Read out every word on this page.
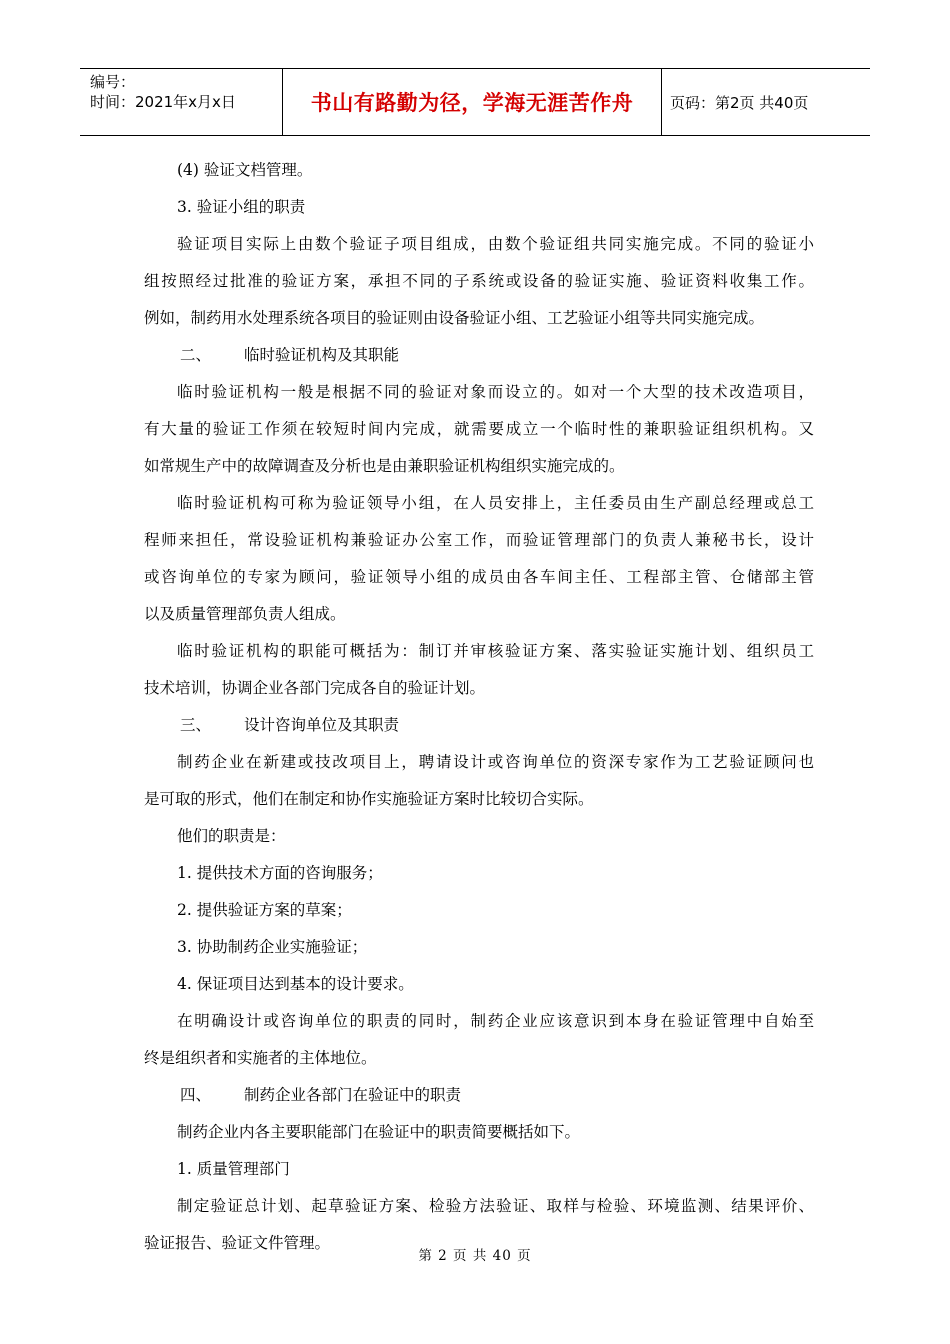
编号：
时间：2021年x月x日	书山有路勤为径，学海无涯苦作舟	页码：第2页 共40页
(4) 验证文档管理。
3. 验证小组的职责
验证项目实际上由数个验证子项目组成，由数个验证组共同实施完成。不同的验证小
组按照经过批准的验证方案，承担不同的子系统或设备的验证实施、验证资料收集工作。
例如，制药用水处理系统各项目的验证则由设备验证小组、工艺验证小组等共同实施完成。
二、 临时验证机构及其职能
临时验证机构一般是根据不同的验证对象而设立的。如对一个大型的技术改造项目，
有大量的验证工作须在较短时间内完成，就需要成立一个临时性的兼职验证组织机构。又
如常规生产中的故障调查及分析也是由兼职验证机构组织实施完成的。
临时验证机构可称为验证领导小组，在人员安排上，主任委员由生产副总经理或总工
程师来担任，常设验证机构兼验证办公室工作，而验证管理部门的负责人兼秘书长，设计
或咨询单位的专家为顾问，验证领导小组的成员由各车间主任、工程部主管、仓储部主管
以及质量管理部负责人组成。
临时验证机构的职能可概括为：制订并审核验证方案、落实验证实施计划、组织员工
技术培训，协调企业各部门完成各自的验证计划。
三、 设计咨询单位及其职责
制药企业在新建或技改项目上，聘请设计或咨询单位的资深专家作为工艺验证顾问也
是可取的形式，他们在制定和协作实施验证方案时比较切合实际。
他们的职责是：
1. 提供技术方面的咨询服务；
2. 提供验证方案的草案；
3. 协助制药企业实施验证；
4. 保证项目达到基本的设计要求。
在明确设计或咨询单位的职责的同时，制药企业应该意识到本身在验证管理中自始至
终是组织者和实施者的主体地位。
四、 制药企业各部门在验证中的职责
制药企业内各主要职能部门在验证中的职责简要概括如下。
1. 质量管理部门
制定验证总计划、起草验证方案、检验方法验证、取样与检验、环境监测、结果评价、
验证报告、验证文件管理。
第 2 页 共 40 页
